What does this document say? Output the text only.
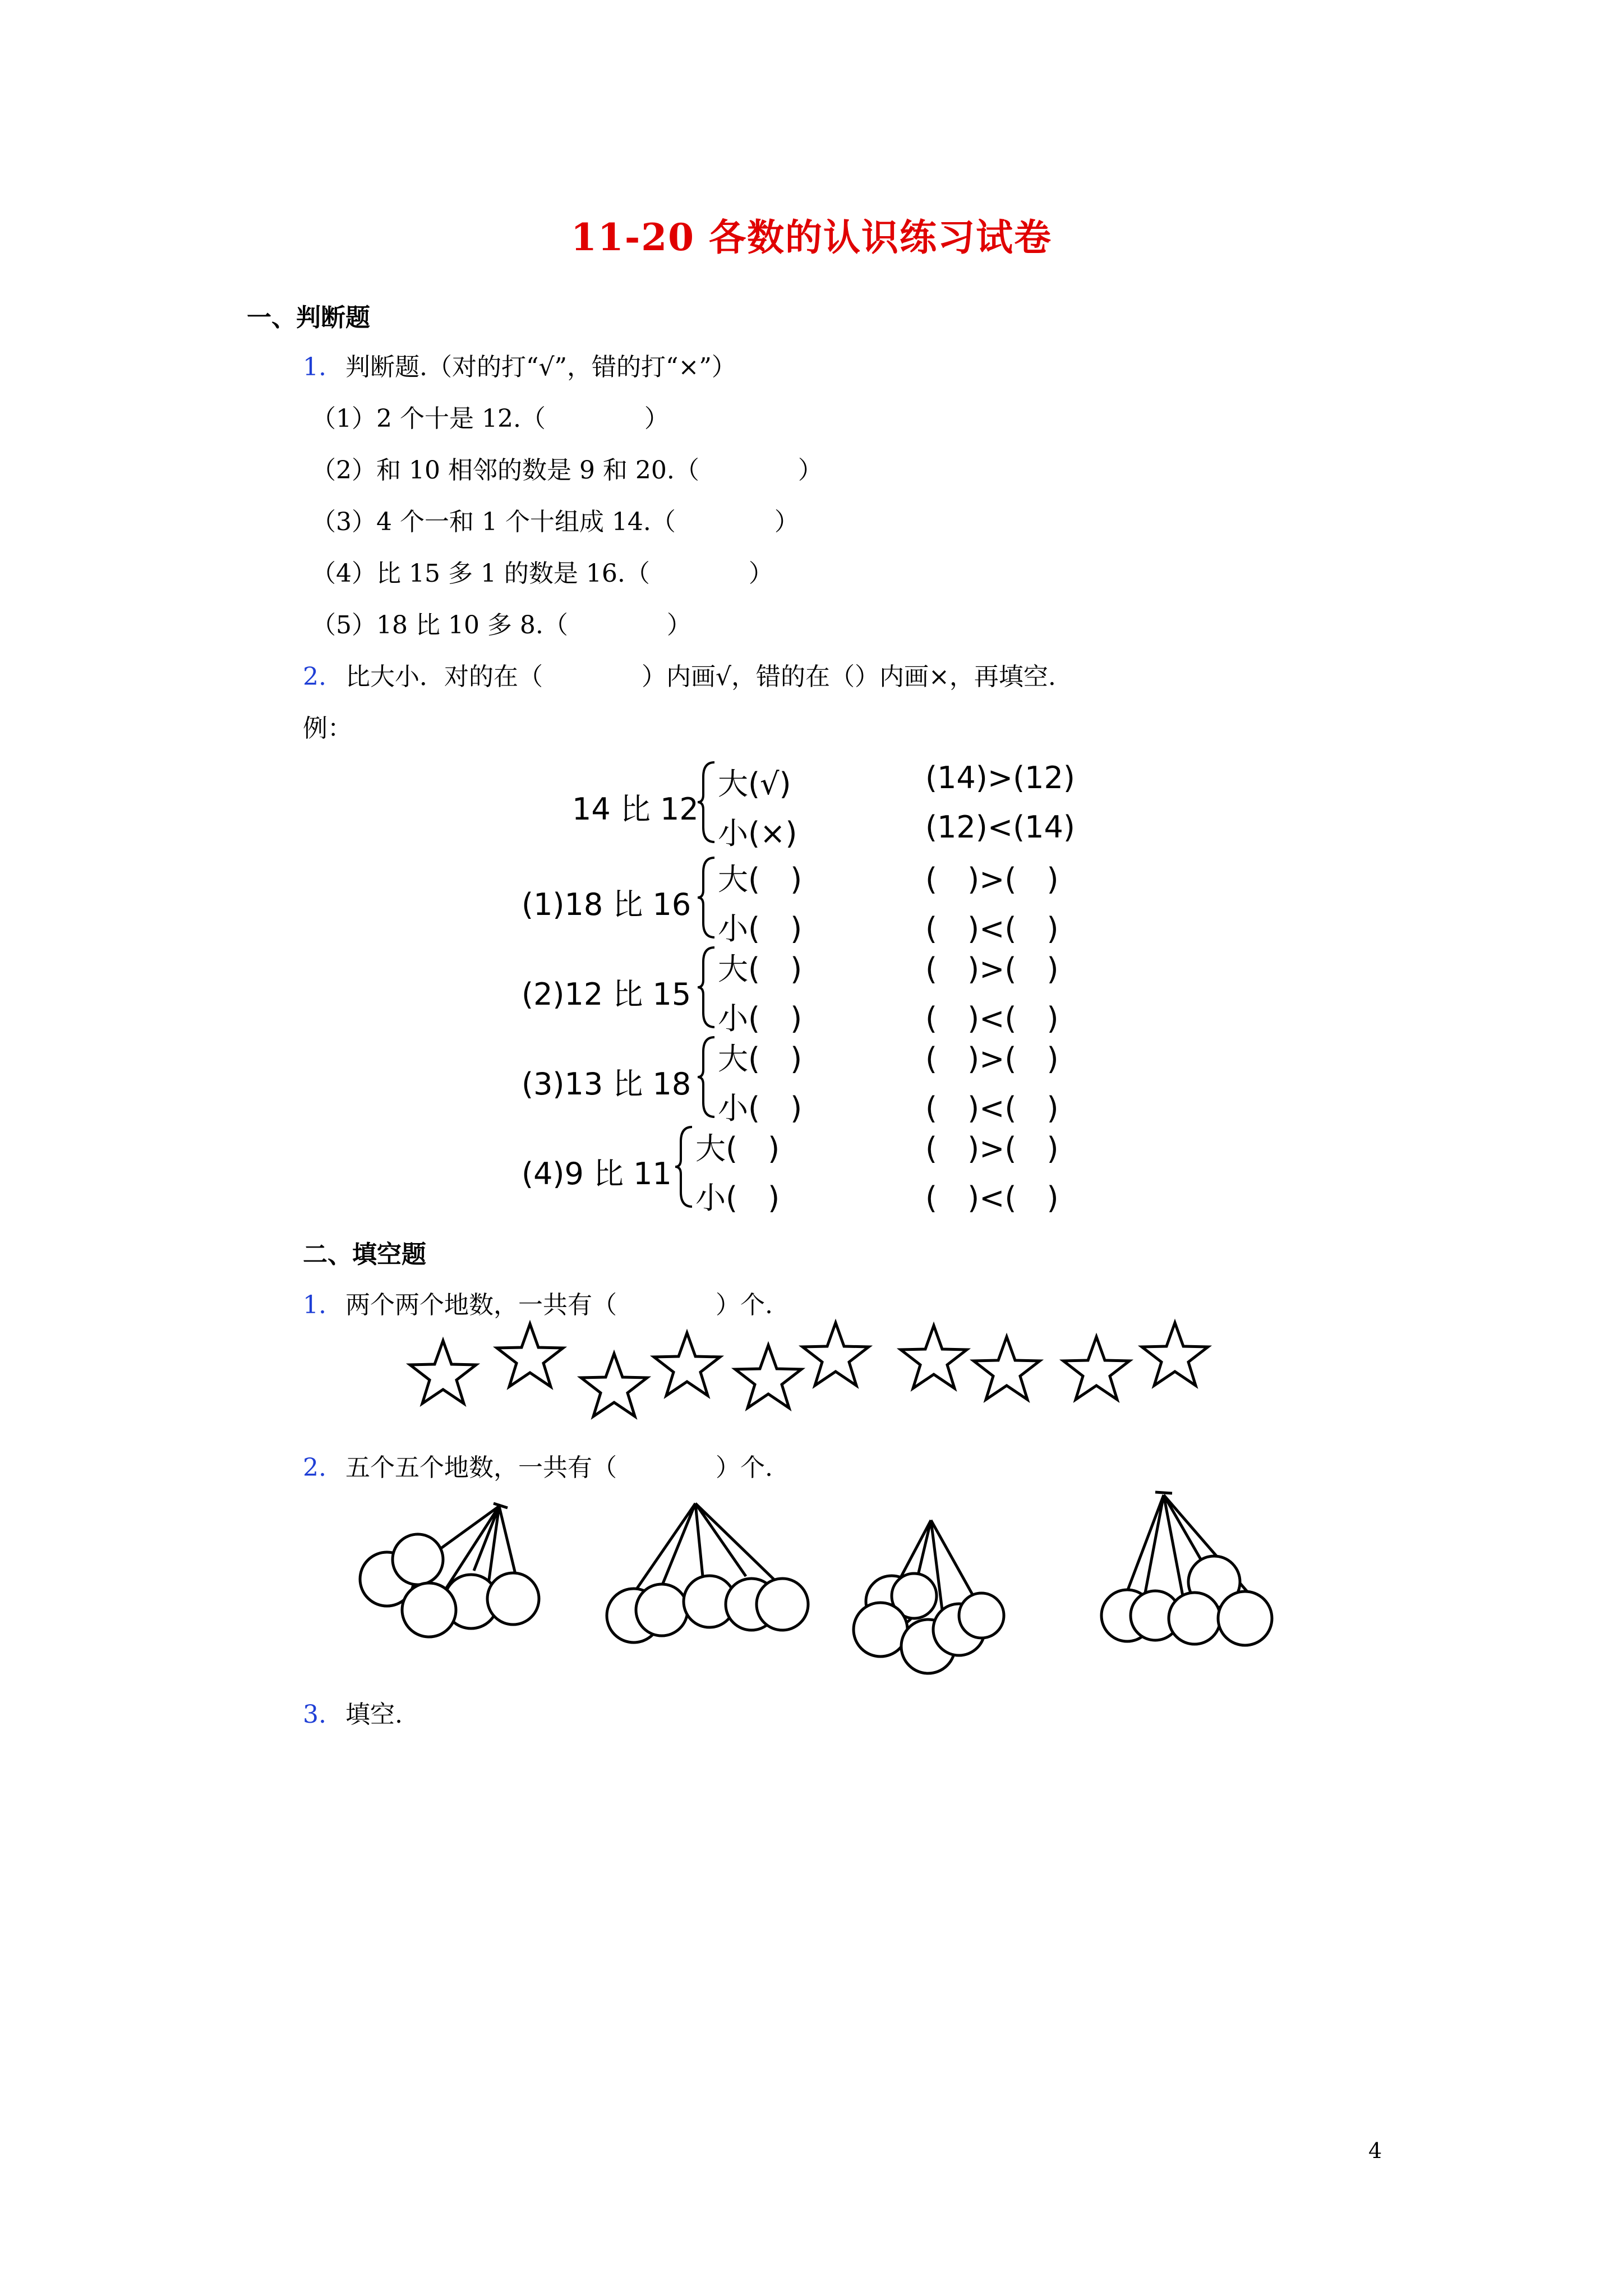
11-20 各数的认识练习试卷
一、判断题
1. 判断题.（对的打“√”，错的打“×”）
（1）2 个十是 12.（　　　　）
（2）和 10 相邻的数是 9 和 20.（　　　　）
（3）4 个一和 1 个十组成 14.（　　　　）
（4）比 15 多 1 的数是 16.（　　　　）
（5）18 比 10 多 8.（　　　　）
2. 比大小．对的在（　　　　）内画√，错的在（）内画×，再填空.
例：
14 比 12
大(√)
小(×)
(14)>(12)
(12)<(14)
(1)18 比 16
大(　)
小(　)
(　)>(　)
(　)<(　)
(2)12 比 15
大(　)
小(　)
(　)>(　)
(　)<(　)
(3)13 比 18
大(　)
小(　)
(　)>(　)
(　)<(　)
(4)9 比 11
大(　)
小(　)
(　)>(　)
(　)<(　)
二、填空题
1. 两个两个地数，一共有（　　　　）个.
2. 五个五个地数，一共有（　　　　）个.
3. 填空.
4
